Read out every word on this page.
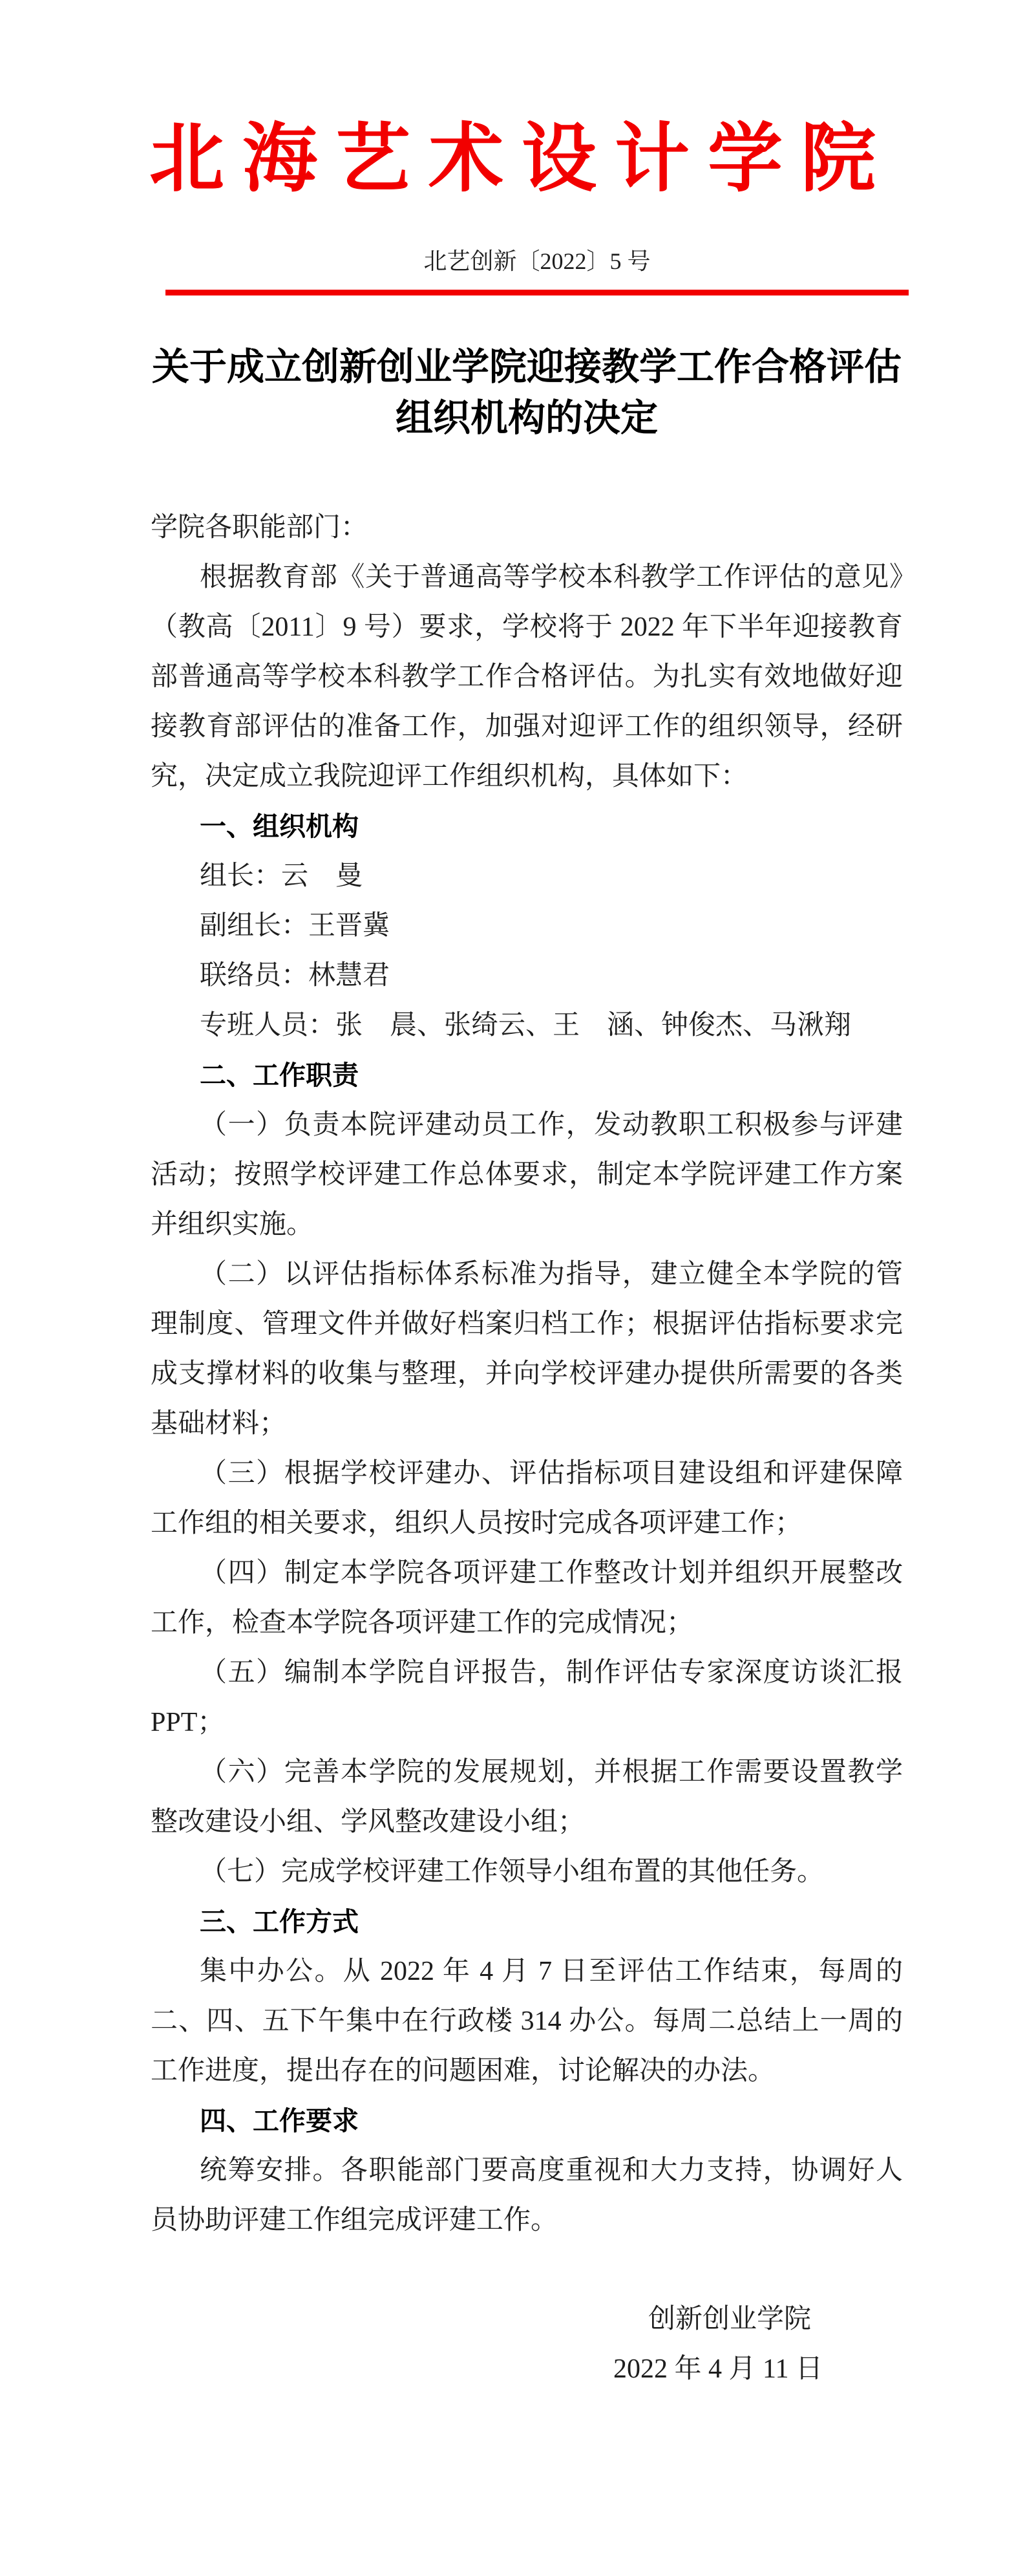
北海艺术设计学院
北艺创新〔2022〕5 号
关于成立创新创业学院迎接教学工作合格评估组织机构的决定

学院各职能部门：

根据教育部《关于普通高等学校本科教学工作评估的意见》（教高〔2011〕9 号）要求，学校将于 2022 年下半年迎接教育部普通高等学校本科教学工作合格评估。为扎实有效地做好迎接教育部评估的准备工作，加强对迎评工作的组织领导，经研究，决定成立我院迎评工作组织机构，具体如下：

一、组织机构

组长：云　曼

副组长：王晋冀

联络员：林慧君

专班人员：张　晨、张绮云、王　涵、钟俊杰、马湫翔

二、工作职责

（一）负责本院评建动员工作，发动教职工积极参与评建活动；按照学校评建工作总体要求，制定本学院评建工作方案并组织实施。

（二）以评估指标体系标准为指导，建立健全本学院的管理制度、管理文件并做好档案归档工作；根据评估指标要求完成支撑材料的收集与整理，并向学校评建办提供所需要的各类基础材料；

（三）根据学校评建办、评估指标项目建设组和评建保障工作组的相关要求，组织人员按时完成各项评建工作；

（四）制定本学院各项评建工作整改计划并组织开展整改工作，检查本学院各项评建工作的完成情况；

（五）编制本学院自评报告，制作评估专家深度访谈汇报PPT；

（六）完善本学院的发展规划，并根据工作需要设置教学整改建设小组、学风整改建设小组；

（七）完成学校评建工作领导小组布置的其他任务。

三、工作方式

集中办公。从 2022 年 4 月 7 日至评估工作结束，每周的二、四、五下午集中在行政楼 314 办公。每周二总结上一周的工作进度，提出存在的问题困难，讨论解决的办法。

四、工作要求

统筹安排。各职能部门要高度重视和大力支持，协调好人员协助评建工作组完成评建工作。

创新创业学院
2022 年 4 月 11 日
